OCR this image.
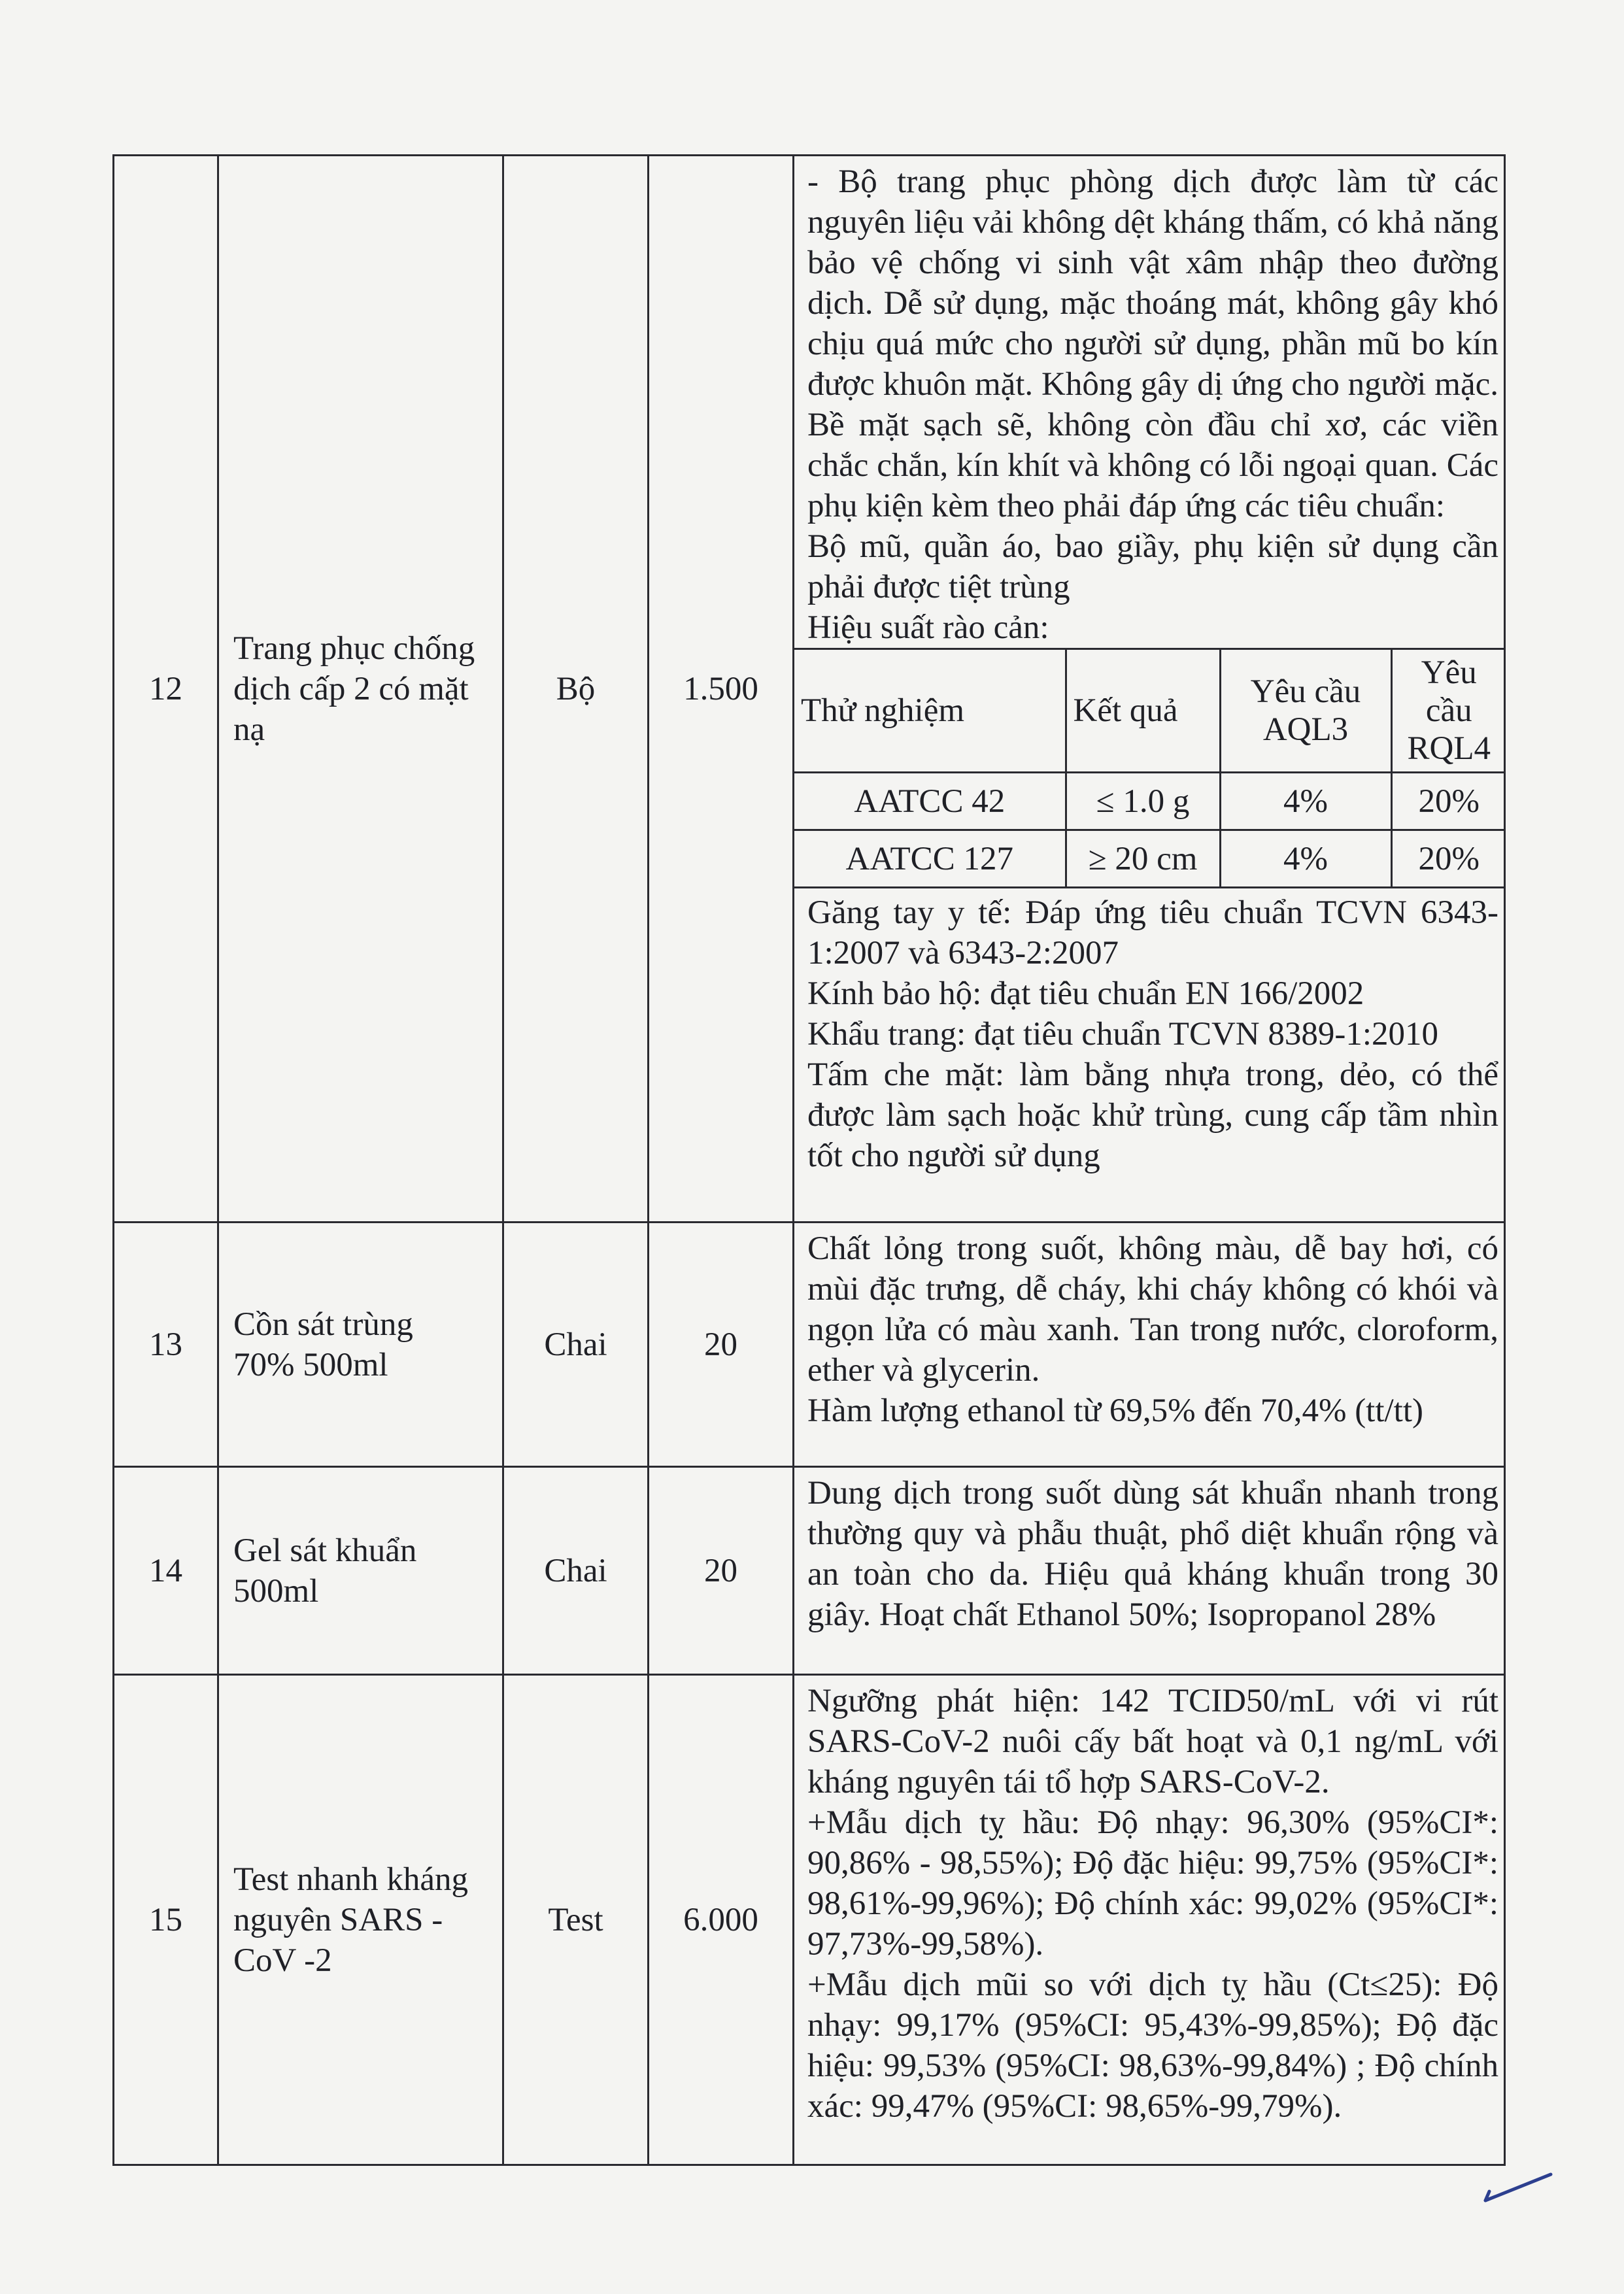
12	Trang phục chống dịch cấp 2 có mặt nạ	Bộ	1.500	
- Bộ trang phục phòng dịch được làm từ các nguyên liệu vải không dệt kháng thấm, có khả năng bảo vệ chống vi sinh vật xâm nhập theo đường dịch. Dễ sử dụng, mặc thoáng mát, không gây khó chịu quá mức cho người sử dụng, phần mũ bo kín được khuôn mặt. Không gây dị ứng cho người mặc. Bề mặt sạch sẽ, không còn đầu chỉ xơ, các viền chắc chắn, kín khít và không có lỗi ngoại quan. Các phụ kiện kèm theo phải đáp ứng các tiêu chuẩn:
Bộ mũ, quần áo, bao giầy, phụ kiện sử dụng cần phải được tiệt trùng
Hiệu suất rào cản:
Thử nghiệm	Kết quả	Yêu cầu AQL3	Yêu cầu RQL4
AATCC 42	≤ 1.0 g	4%	20%
AATCC 127	≥ 20 cm	4%	20%
Găng tay y tế: Đáp ứng tiêu chuẩn TCVN 6343-1:2007 và 6343-2:2007
Kính bảo hộ: đạt tiêu chuẩn EN 166/2002
Khẩu trang: đạt tiêu chuẩn TCVN 8389-1:2010
Tấm che mặt: làm bằng nhựa trong, dẻo, có thể được làm sạch hoặc khử trùng, cung cấp tầm nhìn tốt cho người sử dụng

13	Cồn sát trùng 70% 500ml	Chai	20	
Chất lỏng trong suốt, không màu, dễ bay hơi, có mùi đặc trưng, dễ cháy, khi cháy không có khói và ngọn lửa có màu xanh. Tan trong nước, cloroform, ether và glycerin.
Hàm lượng ethanol từ 69,5% đến 70,4% (tt/tt)

14	Gel sát khuẩn 500ml	Chai	20	
Dung dịch trong suốt dùng sát khuẩn nhanh trong thường quy và phẫu thuật, phổ diệt khuẩn rộng và an toàn cho da. Hiệu quả kháng khuẩn trong 30 giây. Hoạt chất Ethanol 50%; Isopropanol 28%

15	Test nhanh kháng nguyên SARS - CoV -2	Test	6.000	
Ngưỡng phát hiện: 142 TCID50/mL với vi rút SARS-CoV-2 nuôi cấy bất hoạt và 0,1 ng/mL với kháng nguyên tái tổ hợp SARS-CoV-2.
+Mẫu dịch tỵ hầu: Độ nhạy: 96,30% (95%CI*: 90,86% - 98,55%); Độ đặc hiệu: 99,75% (95%CI*: 98,61%-99,96%); Độ chính xác: 99,02% (95%CI*: 97,73%-99,58%).
+Mẫu dịch mũi so với dịch tỵ hầu (Ct≤25): Độ nhạy: 99,17% (95%CI: 95,43%-99,85%); Độ đặc hiệu: 99,53% (95%CI: 98,63%-99,84%) ; Độ chính xác: 99,47% (95%CI: 98,65%-99,79%).
